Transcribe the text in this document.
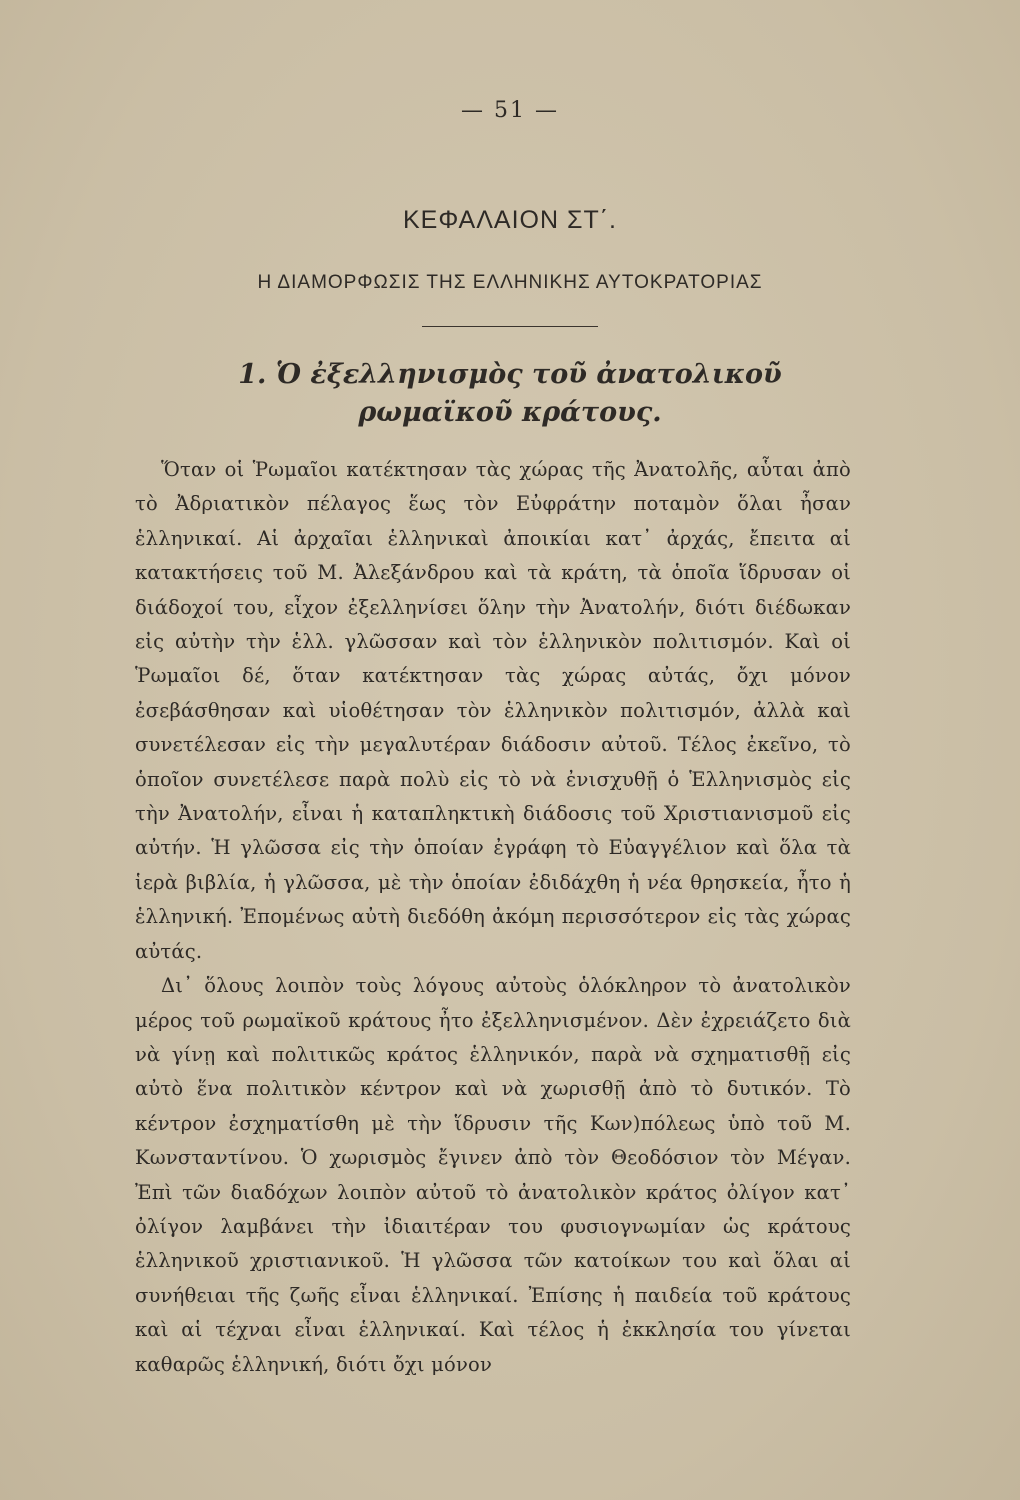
— 51 —
ΚΕΦΑΛΑΙΟΝ ΣΤ΄.
Η ΔΙΑΜΟΡΦΩΣΙΣ ΤΗΣ ΕΛΛΗΝΙΚΗΣ ΑΥΤΟΚΡΑΤΟΡΙΑΣ
1. Ὁ ἐξελληνισμὸς τοῦ ἀνατολικοῦ
ρωμαϊκοῦ κράτους.

Ὅταν οἱ Ῥωμαῖοι κατέκτησαν τὰς χώρας τῆς Ἀνατολῆς, αὗται ἀπὸ τὸ Ἀδριατικὸν πέλαγος ἕως τὸν Εὐφράτην ποταμὸν ὅλαι ἦσαν ἑλληνικαί. Αἱ ἀρχαῖαι ἑλληνικαὶ ἀποικίαι κατ᾽ ἀρχάς, ἔπειτα αἱ κατακτήσεις τοῦ Μ. Ἀλεξάνδρου καὶ τὰ κράτη, τὰ ὁποῖα ἵδρυσαν οἱ διάδοχοί του, εἶχον ἐξελληνίσει ὅλην τὴν Ἀνατολήν, διότι διέδωκαν εἰς αὐτὴν τὴν ἑλλ. γλῶσσαν καὶ τὸν ἑλληνικὸν πολιτισμόν. Καὶ οἱ Ῥωμαῖοι δέ, ὅταν κατέκτησαν τὰς χώρας αὐτάς, ὄχι μόνον ἐσεβάσθησαν καὶ υἱοθέτησαν τὸν ἑλληνικὸν πολιτισμόν, ἀλλὰ καὶ συνετέλεσαν εἰς τὴν μεγαλυτέραν διάδοσιν αὐτοῦ. Τέλος ἐκεῖνο, τὸ ὁποῖον συνετέλεσε παρὰ πολὺ εἰς τὸ νὰ ἐνισχυθῇ ὁ Ἑλληνισμὸς εἰς τὴν Ἀνατολήν, εἶναι ἡ καταπληκτικὴ διάδοσις τοῦ Χριστιανισμοῦ εἰς αὐτήν. Ἡ γλῶσσα εἰς τὴν ὁποίαν ἐγράφη τὸ Εὐαγγέλιον καὶ ὅλα τὰ ἱερὰ βιβλία, ἡ γλῶσσα, μὲ τὴν ὁποίαν ἐδιδάχθη ἡ νέα θρησκεία, ἦτο ἡ ἑλληνική. Ἐπομένως αὐτὴ διεδόθη ἀκόμη περισσότερον εἰς τὰς χώρας αὐτάς.

Δι᾽ ὅλους λοιπὸν τοὺς λόγους αὐτοὺς ὁλόκληρον τὸ ἀνατολικὸν μέρος τοῦ ρωμαϊκοῦ κράτους ἦτο ἐξελληνισμένον. Δὲν ἐχρειάζετο διὰ νὰ γίνῃ καὶ πολιτικῶς κράτος ἑλληνικόν, παρὰ νὰ σχηματισθῇ εἰς αὐτὸ ἕνα πολιτικὸν κέντρον καὶ νὰ χωρισθῇ ἀπὸ τὸ δυτικόν. Τὸ κέντρον ἐσχηματίσθη μὲ τὴν ἵδρυσιν τῆς Κων)πόλεως ὑπὸ τοῦ Μ. Κωνσταντίνου. Ὁ χωρισμὸς ἔγινεν ἀπὸ τὸν Θεοδόσιον τὸν Μέγαν. Ἐπὶ τῶν διαδόχων λοιπὸν αὐτοῦ τὸ ἀνατολικὸν κράτος ὀλίγον κατ᾽ ὀλίγον λαμβάνει τὴν ἰδιαιτέραν του φυσιογνωμίαν ὡς κράτους ἑλληνικοῦ χριστιανικοῦ. Ἡ γλῶσσα τῶν κατοίκων του καὶ ὅλαι αἱ συνήθειαι τῆς ζωῆς εἶναι ἑλληνικαί. Ἐπίσης ἡ παιδεία τοῦ κράτους καὶ αἱ τέχναι εἶναι ἑλληνικαί. Καὶ τέλος ἡ ἐκκλησία του γίνεται καθαρῶς ἑλληνική, διότι ὄχι μόνον
